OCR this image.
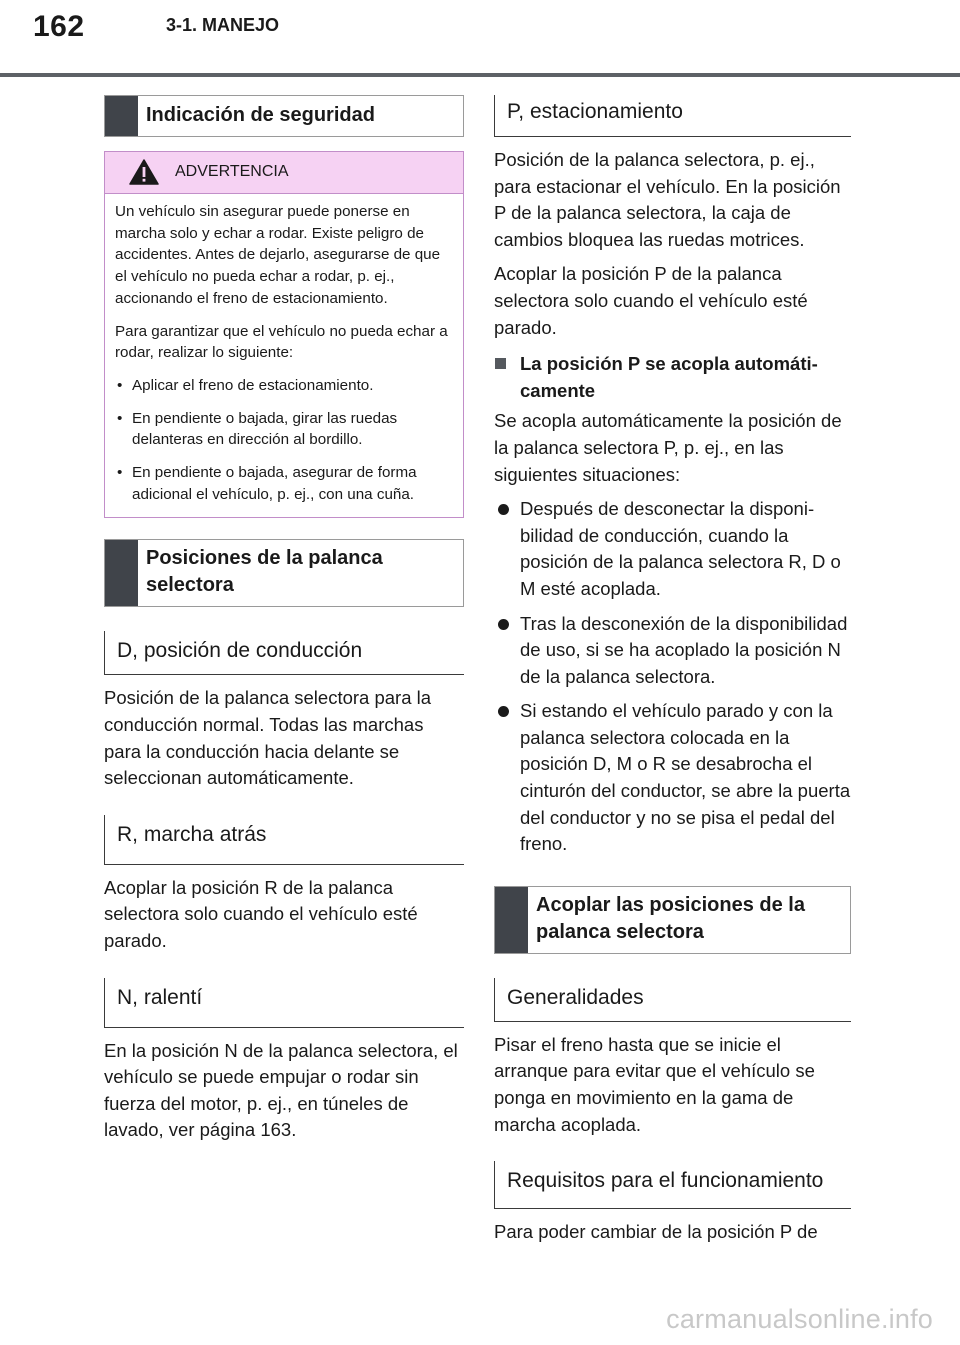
162	3-1. MANEJO
Indicación de seguridad
ADVERTENCIA
Un vehículo sin asegurar puede ponerse en marcha solo y echar a rodar. Existe peligro de accidentes. Antes de dejarlo, asegurarse de que el vehículo no pueda echar a rodar, p. ej., accionando el freno de estacionamiento.
Para garantizar que el vehículo no pueda echar a rodar, realizar lo siguiente:
• Aplicar el freno de estacionamiento.
• En pendiente o bajada, girar las ruedas delanteras en dirección al bordillo.
• En pendiente o bajada, asegurar de forma adicional el vehículo, p. ej., con una cuña.
Posiciones de la palanca selectora
D, posición de conducción
Posición de la palanca selectora para la conducción normal. Todas las marchas para la conducción hacia delante se seleccionan automáticamente.
R, marcha atrás
Acoplar la posición R de la palanca selectora solo cuando el vehículo esté parado.
N, ralentí
En la posición N de la palanca selectora, el vehículo se puede empujar o rodar sin fuerza del motor, p. ej., en túneles de lavado, ver página 163.
P, estacionamiento
Posición de la palanca selectora, p. ej., para estacionar el vehículo. En la posición P de la palanca selectora, la caja de cambios bloquea las ruedas motrices.
Acoplar la posición P de la palanca selectora solo cuando el vehículo esté parado.
La posición P se acopla automáticamente
Se acopla automáticamente la posición de la palanca selectora P, p. ej., en las siguientes situaciones:
Después de desconectar la disponibilidad de conducción, cuando la posición de la palanca selectora R, D o M esté acoplada.
Tras la desconexión de la disponibilidad de uso, si se ha acoplado la posición N de la palanca selectora.
Si estando el vehículo parado y con la palanca selectora colocada en la posición D, M o R se desabrocha el cinturón del conductor, se abre la puerta del conductor y no se pisa el pedal del freno.
Acoplar las posiciones de la palanca selectora
Generalidades
Pisar el freno hasta que se inicie el arranque para evitar que el vehículo se ponga en movimiento en la gama de marcha acoplada.
Requisitos para el funcionamiento
Para poder cambiar de la posición P de
carmanualsonline.info
